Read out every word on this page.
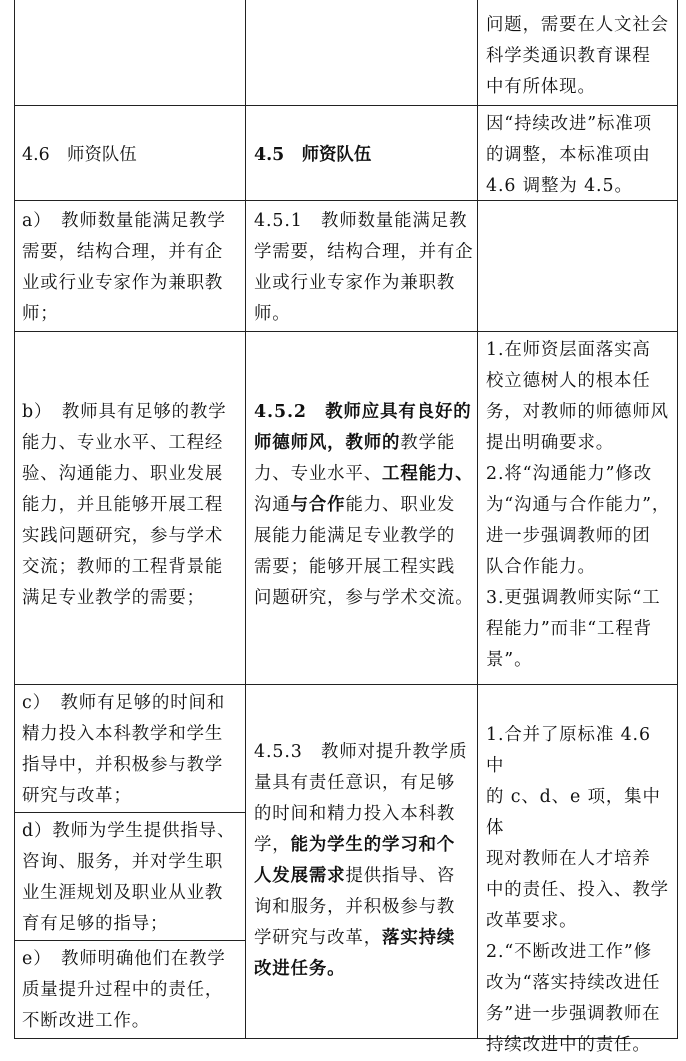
问题，需要在人文社会
科学类通识教育课程
中有所体现。
4.6　师资队伍	4.5　师资队伍
因“持续改进”标准项
的调整，本标准项由
4.6 调整为 4.5。
a）　教师数量能满足教学
需要，结构合理，并有企
业或行业专家作为兼职教
师；
4.5.1　教师数量能满足教
学需要，结构合理，并有企
业或行业专家作为兼职教
师。
b）　教师具有足够的教学
能力、专业水平、工程经
验、沟通能力、职业发展
能力，并且能够开展工程
实践问题研究，参与学术
交流；教师的工程背景能
满足专业教学的需要；
4.5.2　教师应具有良好的
师德师风，教师的教学能
力、专业水平、工程能力、
沟通与合作能力、职业发
展能力能满足专业教学的
需要；能够开展工程实践
问题研究，参与学术交流。
1.在师资层面落实高
校立德树人的根本任
务，对教师的师德师风
提出明确要求。
2.将“沟通能力”修改
为“沟通与合作能力”，
进一步强调教师的团
队合作能力。
3.更强调教师实际“工
程能力”而非“工程背
景”。
c）　教师有足够的时间和
精力投入本科教学和学生
指导中，并积极参与教学
研究与改革；
d）教师为学生提供指导、
咨询、服务，并对学生职
业生涯规划及职业从业教
育有足够的指导；
e）　教师明确他们在教学
质量提升过程中的责任，
不断改进工作。
4.5.3　教师对提升教学质
量具有责任意识，有足够
的时间和精力投入本科教
学，能为学生的学习和个
人发展需求提供指导、咨
询和服务，并积极参与教
学研究与改革，落实持续
改进任务。
1.合并了原标准 4.6 中
的 c、d、e 项，集中体
现对教师在人才培养
中的责任、投入、教学
改革要求。
2.“不断改进工作”修
改为“落实持续改进任
务”进一步强调教师在
持续改进中的责任。
